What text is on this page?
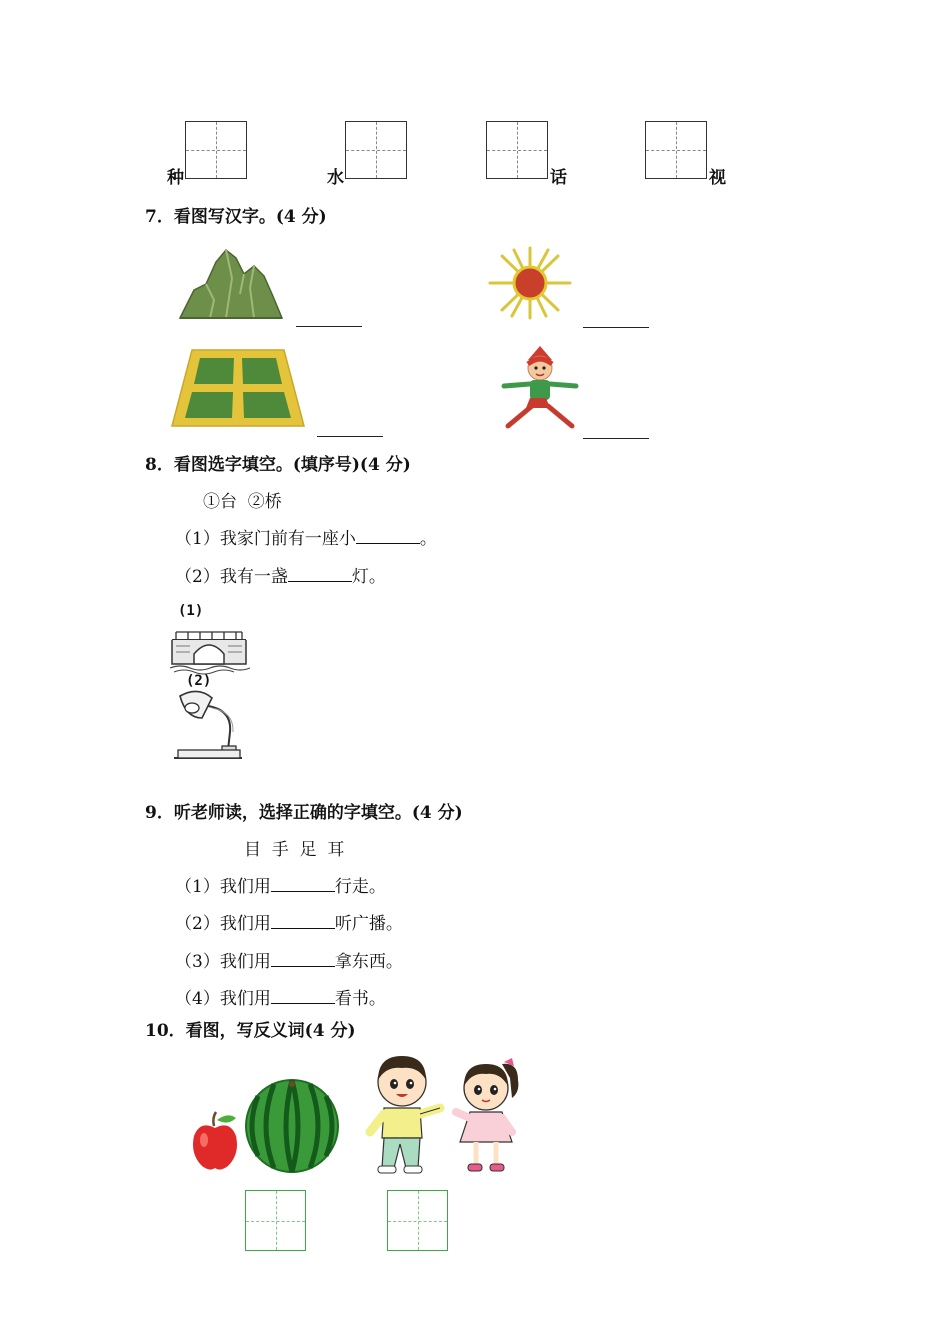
种	水	话	视
7．看图写汉字。(4 分)
8．看图选字填空。(填序号)(4 分)
①台  ②桥
（1）我家门前有一座小	。
（2）我有一盏	灯。
(1)
(2)
9．听老师读，选择正确的字填空。(4 分)
目  手  足  耳
（1）我们用	行走。
（2）我们用	听广播。
（3）我们用	拿东西。
（4）我们用	看书。
10．看图，写反义词(4 分)
